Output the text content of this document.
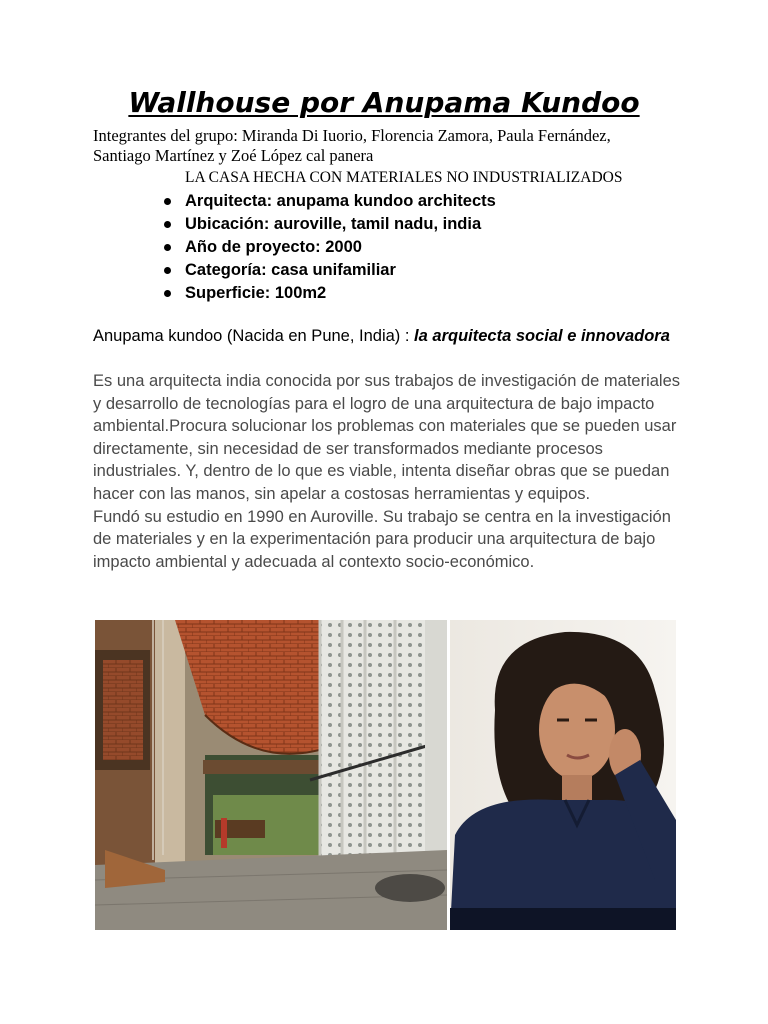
Wallhouse por Anupama Kundoo
Integrantes del grupo: Miranda Di Iuorio, Florencia Zamora, Paula Fernández, Santiago Martínez y Zoé López cal panera
LA CASA HECHA CON MATERIALES NO INDUSTRIALIZADOS
Arquitecta: anupama kundoo architects
Ubicación: auroville, tamil nadu, india
Año de proyecto: 2000
Categoría: casa unifamiliar
Superficie: 100m2
Anupama kundoo (Nacida en Pune, India) : la arquitecta social e innovadora

Es una arquitecta india conocida por sus trabajos de investigación de materiales y desarrollo de tecnologías para el logro de una arquitectura de bajo impacto ambiental.Procura solucionar los problemas con materiales que se pueden usar directamente, sin necesidad de ser transformados mediante procesos industriales. Y, dentro de lo que es viable, intenta diseñar obras que se puedan hacer con las manos, sin apelar a costosas herramientas y equipos.

Fundó su estudio en 1990 en Auroville. Su trabajo se centra en la investigación de materiales y en la experimentación para producir una arquitectura de bajo impacto ambiental y adecuada al contexto socio-económico.
